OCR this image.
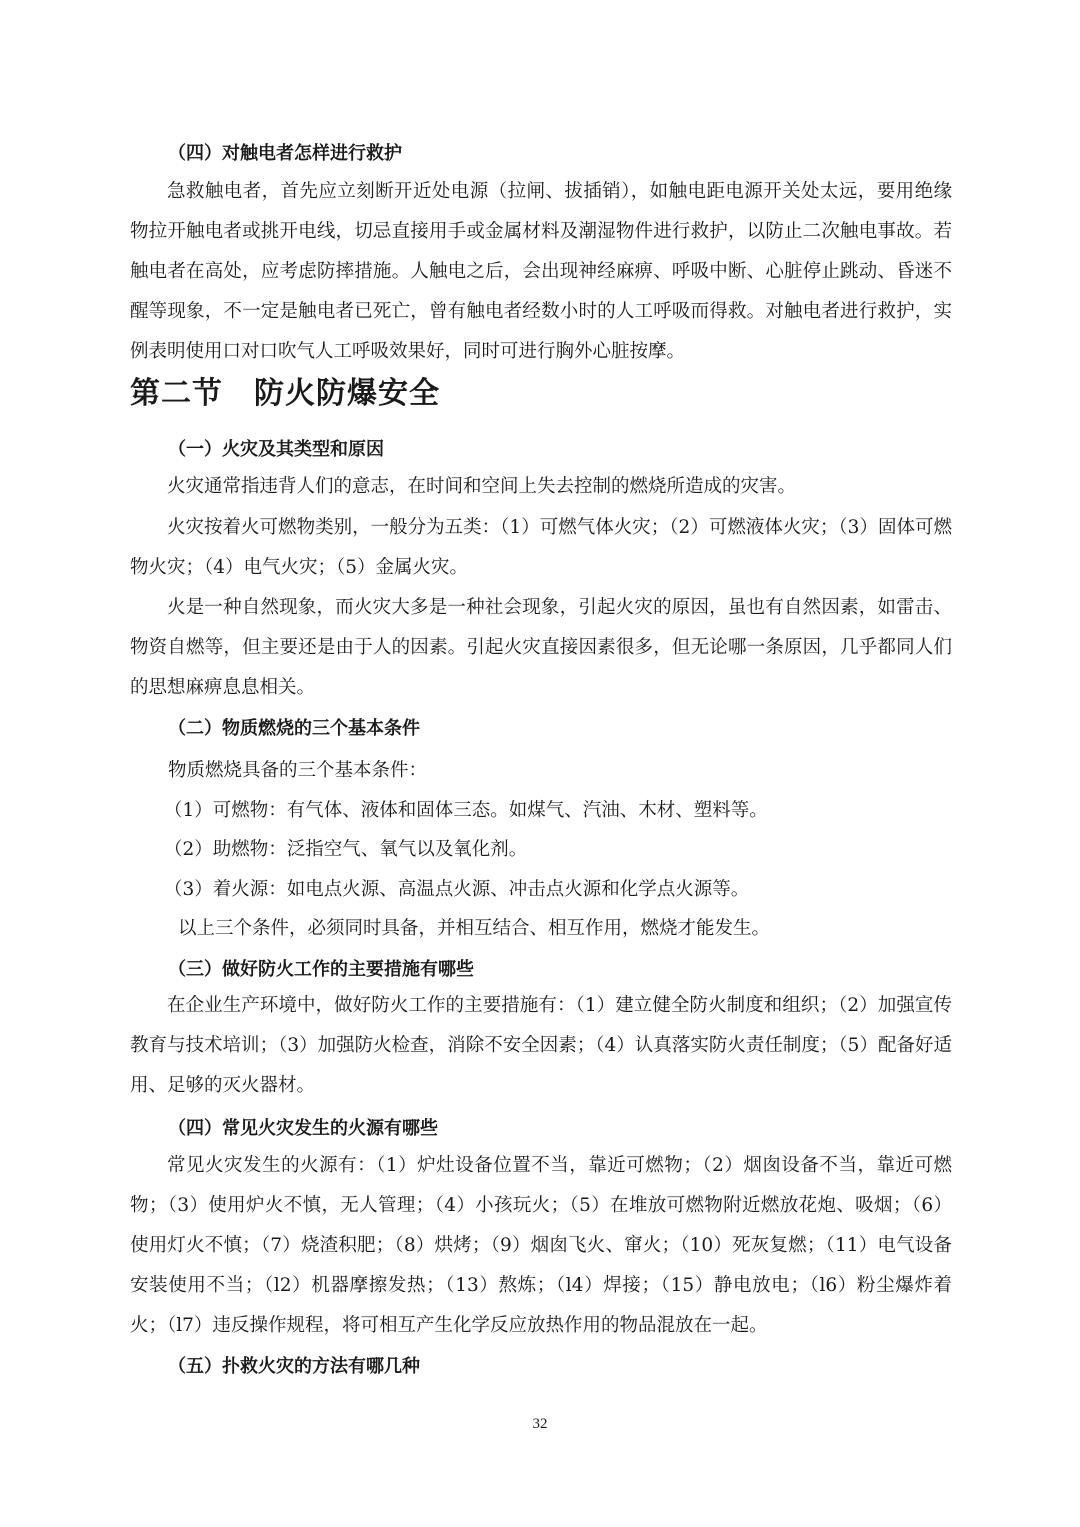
（四）对触电者怎样进行救护

急救触电者，首先应立刻断开近处电源（拉闸、拔插销），如触电距电源开关处太远，要用绝缘物拉开触电者或挑开电线，切忌直接用手或金属材料及潮湿物件进行救护，以防止二次触电事故。若触电者在高处，应考虑防摔措施。人触电之后，会出现神经麻痹、呼吸中断、心脏停止跳动、昏迷不醒等现象，不一定是触电者已死亡，曾有触电者经数小时的人工呼吸而得救。对触电者进行救护，实例表明使用口对口吹气人工呼吸效果好，同时可进行胸外心脏按摩。

第二节　防火防爆安全
（一）火灾及其类型和原因

火灾通常指违背人们的意志，在时间和空间上失去控制的燃烧所造成的灾害。

火灾按着火可燃物类别，一般分为五类：（1）可燃气体火灾；（2）可燃液体火灾；（3）固体可燃物火灾；（4）电气火灾；（5）金属火灾。

火是一种自然现象，而火灾大多是一种社会现象，引起火灾的原因，虽也有自然因素，如雷击、物资自燃等，但主要还是由于人的因素。引起火灾直接因素很多，但无论哪一条原因，几乎都同人们的思想麻痹息息相关。

（二）物质燃烧的三个基本条件
物质燃烧具备的三个基本条件：
（1）可燃物：有气体、液体和固体三态。如煤气、汽油、木材、塑料等。
（2）助燃物：泛指空气、氧气以及氧化剂。
（3）着火源：如电点火源、高温点火源、冲击点火源和化学点火源等。
以上三个条件，必须同时具备，并相互结合、相互作用，燃烧才能发生。
（三）做好防火工作的主要措施有哪些

在企业生产环境中，做好防火工作的主要措施有：（1）建立健全防火制度和组织；（2）加强宣传教育与技术培训；（3）加强防火检查，消除不安全因素；（4）认真落实防火责任制度；（5）配备好适用、足够的灭火器材。

（四）常见火灾发生的火源有哪些

常见火灾发生的火源有：（1）炉灶设备位置不当，靠近可燃物；（2）烟囱设备不当，靠近可燃物；（3）使用炉火不慎，无人管理；（4）小孩玩火；（5）在堆放可燃物附近燃放花炮、吸烟；（6）使用灯火不慎；（7）烧渣积肥；（8）烘烤；（9）烟囱飞火、窜火；（10）死灰复燃；（11）电气设备安装使用不当；（l2）机器摩擦发热；（13）熬炼；（l4）焊接；（15）静电放电；（l6）粉尘爆炸着火；（l7）违反操作规程，将可相互产生化学反应放热作用的物品混放在一起。

（五）扑救火灾的方法有哪几种
32
